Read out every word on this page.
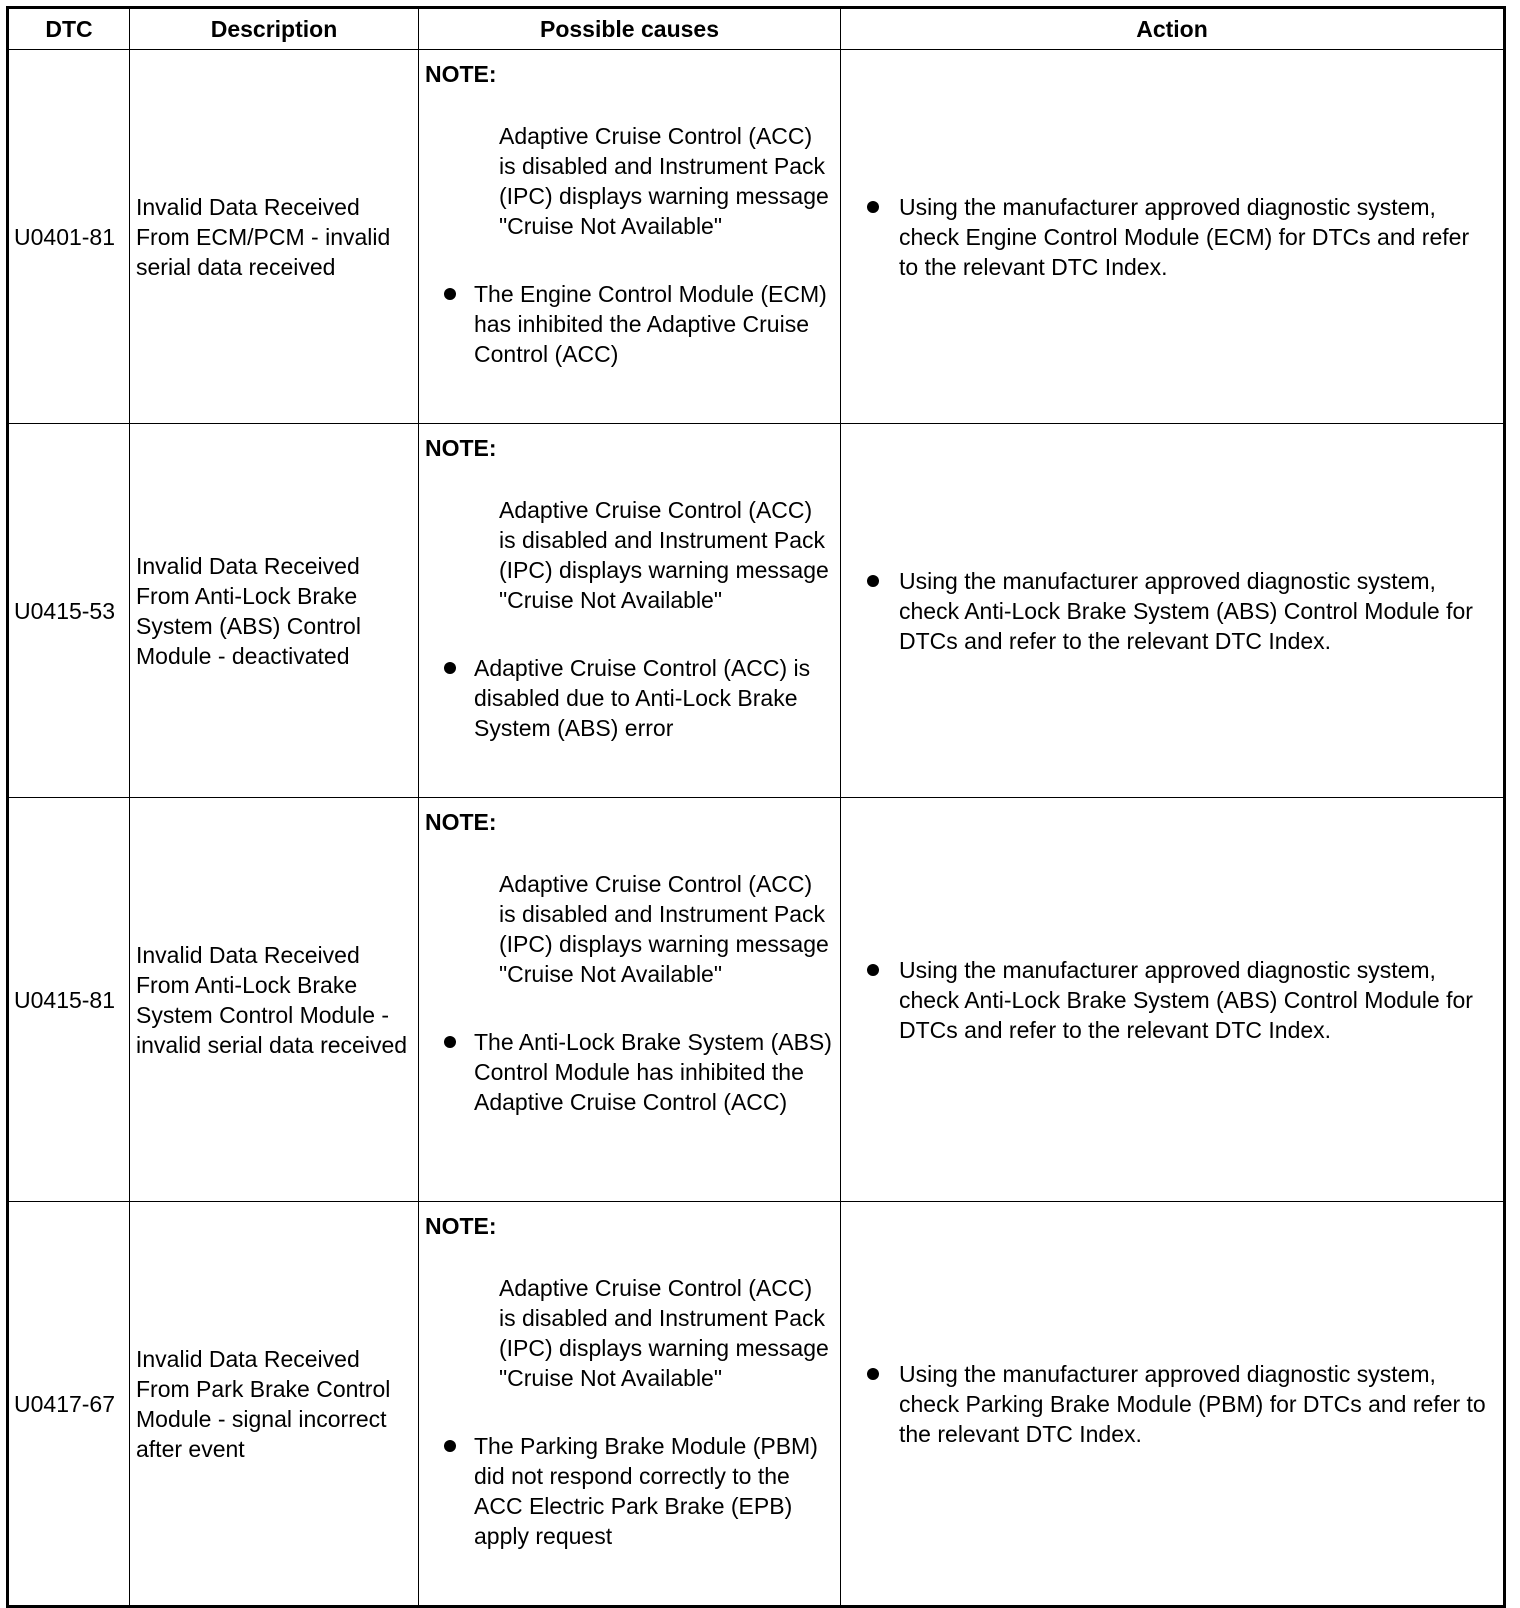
DTC	Description	Possible causes	Action
U0401-81	Invalid Data Received From ECM/PCM - invalid serial data received	NOTE:
Adaptive Cruise Control (ACC) is disabled and Instrument Pack (IPC) displays warning message "Cruise Not Available"
The Engine Control Module (ECM) has inhibited the Adaptive Cruise Control (ACC)	Using the manufacturer approved diagnostic system, check Engine Control Module (ECM) for DTCs and refer to the relevant DTC Index.

U0415-53	Invalid Data Received From Anti-Lock Brake System (ABS) Control Module - deactivated	NOTE:
Adaptive Cruise Control (ACC) is disabled and Instrument Pack (IPC) displays warning message "Cruise Not Available"
Adaptive Cruise Control (ACC) is disabled due to Anti-Lock Brake System (ABS) error	Using the manufacturer approved diagnostic system, check Anti-Lock Brake System (ABS) Control Module for DTCs and refer to the relevant DTC Index.

U0415-81	Invalid Data Received From Anti-Lock Brake System Control Module - invalid serial data received	NOTE:
Adaptive Cruise Control (ACC) is disabled and Instrument Pack (IPC) displays warning message "Cruise Not Available"
The Anti-Lock Brake System (ABS) Control Module has inhibited the Adaptive Cruise Control (ACC)	Using the manufacturer approved diagnostic system, check Anti-Lock Brake System (ABS) Control Module for DTCs and refer to the relevant DTC Index.

U0417-67	Invalid Data Received From Park Brake Control Module - signal incorrect after event	NOTE:
Adaptive Cruise Control (ACC) is disabled and Instrument Pack (IPC) displays warning message "Cruise Not Available"
The Parking Brake Module (PBM) did not respond correctly to the ACC Electric Park Brake (EPB) apply request	Using the manufacturer approved diagnostic system, check Parking Brake Module (PBM) for DTCs and refer to the relevant DTC Index.
